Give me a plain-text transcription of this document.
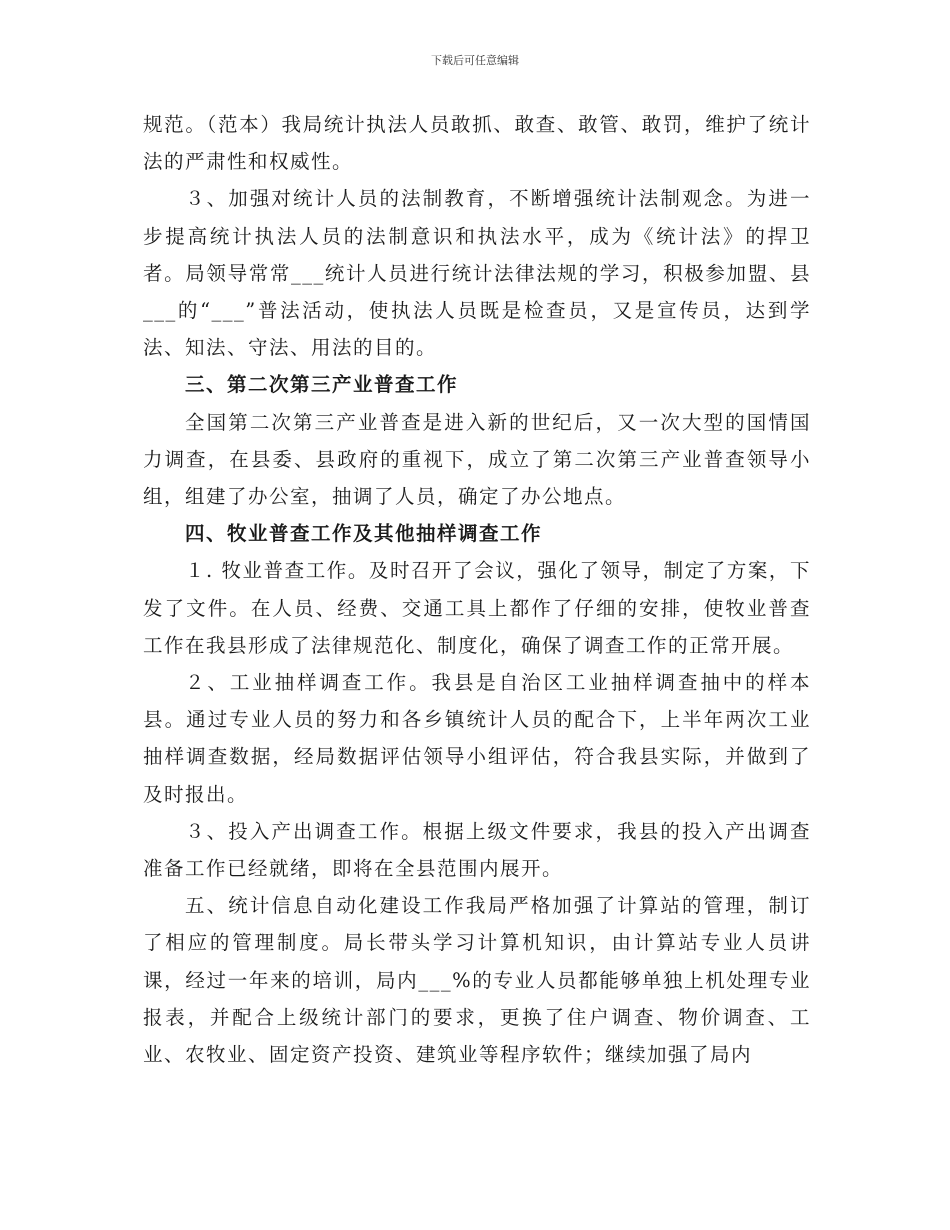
下载后可任意编辑

规范。（范本）我局统计执法人员敢抓、敢查、敢管、敢罚，维护了统计法的严肃性和权威性。

３、加强对统计人员的法制教育，不断增强统计法制观念。为进一步提高统计执法人员的法制意识和执法水平，成为《统计法》的捍卫者。局领导常常___统计人员进行统计法律法规的学习，积极参加盟、县___的“___”普法活动，使执法人员既是检查员，又是宣传员，达到学法、知法、守法、用法的目的。

三、第二次第三产业普查工作

全国第二次第三产业普查是进入新的世纪后，又一次大型的国情国力调查，在县委、县政府的重视下，成立了第二次第三产业普查领导小组，组建了办公室，抽调了人员，确定了办公地点。

四、牧业普查工作及其他抽样调查工作

１. 牧业普查工作。及时召开了会议，强化了领导，制定了方案，下发了文件。在人员、经费、交通工具上都作了仔细的安排，使牧业普查工作在我县形成了法律规范化、制度化，确保了调查工作的正常开展。

２、工业抽样调查工作。我县是自治区工业抽样调查抽中的样本县。通过专业人员的努力和各乡镇统计人员的配合下，上半年两次工业抽样调查数据，经局数据评估领导小组评估，符合我县实际，并做到了及时报出。

３、投入产出调查工作。根据上级文件要求，我县的投入产出调查准备工作已经就绪，即将在全县范围内展开。

五、统计信息自动化建设工作我局严格加强了计算站的管理，制订了相应的管理制度。局长带头学习计算机知识，由计算站专业人员讲课，经过一年来的培训，局内___%的专业人员都能够单独上机处理专业报表，并配合上级统计部门的要求，更换了住户调查、物价调查、工业、农牧业、固定资产投资、建筑业等程序软件；继续加强了局内
